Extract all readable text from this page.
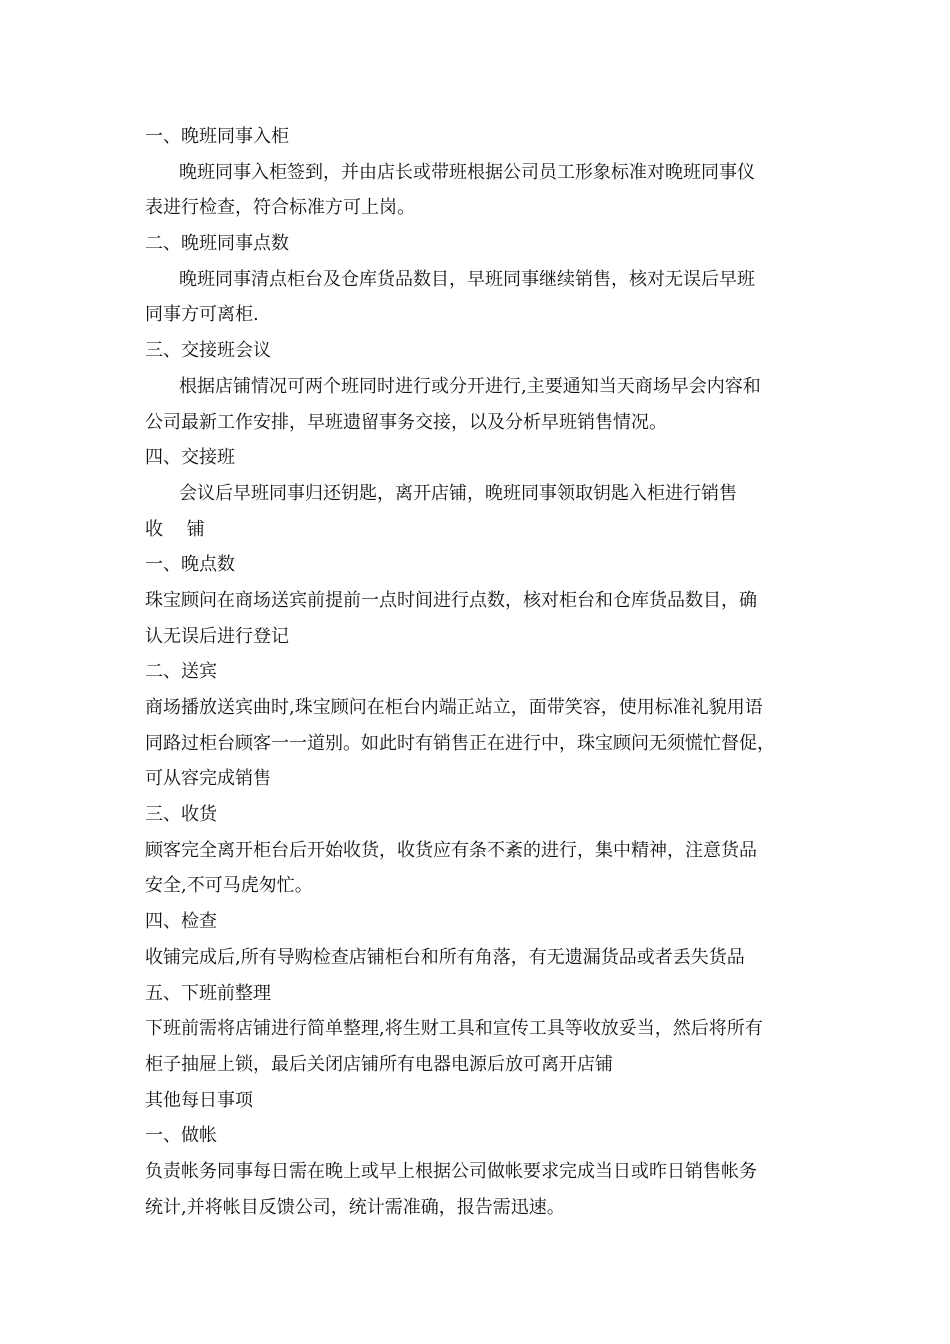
一、晚班同事入柜
晚班同事入柜签到，并由店长或带班根据公司员工形象标准对晚班同事仪
表进行检查，符合标准方可上岗。
二、晚班同事点数
晚班同事清点柜台及仓库货品数目，早班同事继续销售，核对无误后早班
同事方可离柜.
三、交接班会议
根据店铺情况可两个班同时进行或分开进行,主要通知当天商场早会内容和
公司最新工作安排，早班遗留事务交接，以及分析早班销售情况。
四、交接班
会议后早班同事归还钥匙，离开店铺，晚班同事领取钥匙入柜进行销售
收　 铺
一、晚点数
珠宝顾问在商场送宾前提前一点时间进行点数，核对柜台和仓库货品数目，确
认无误后进行登记
二、送宾
商场播放送宾曲时,珠宝顾问在柜台内端正站立，面带笑容，使用标准礼貌用语
同路过柜台顾客一一道别。如此时有销售正在进行中，珠宝顾问无须慌忙督促，
可从容完成销售
三、收货
顾客完全离开柜台后开始收货，收货应有条不紊的进行，集中精神，注意货品
安全,不可马虎匆忙。
四、检查
收铺完成后,所有导购检查店铺柜台和所有角落，有无遗漏货品或者丢失货品
五、下班前整理
下班前需将店铺进行简单整理,将生财工具和宣传工具等收放妥当，然后将所有
柜子抽屉上锁，最后关闭店铺所有电器电源后放可离开店铺
其他每日事项
一、做帐
负责帐务同事每日需在晚上或早上根据公司做帐要求完成当日或昨日销售帐务
统计,并将帐目反馈公司，统计需准确，报告需迅速。
